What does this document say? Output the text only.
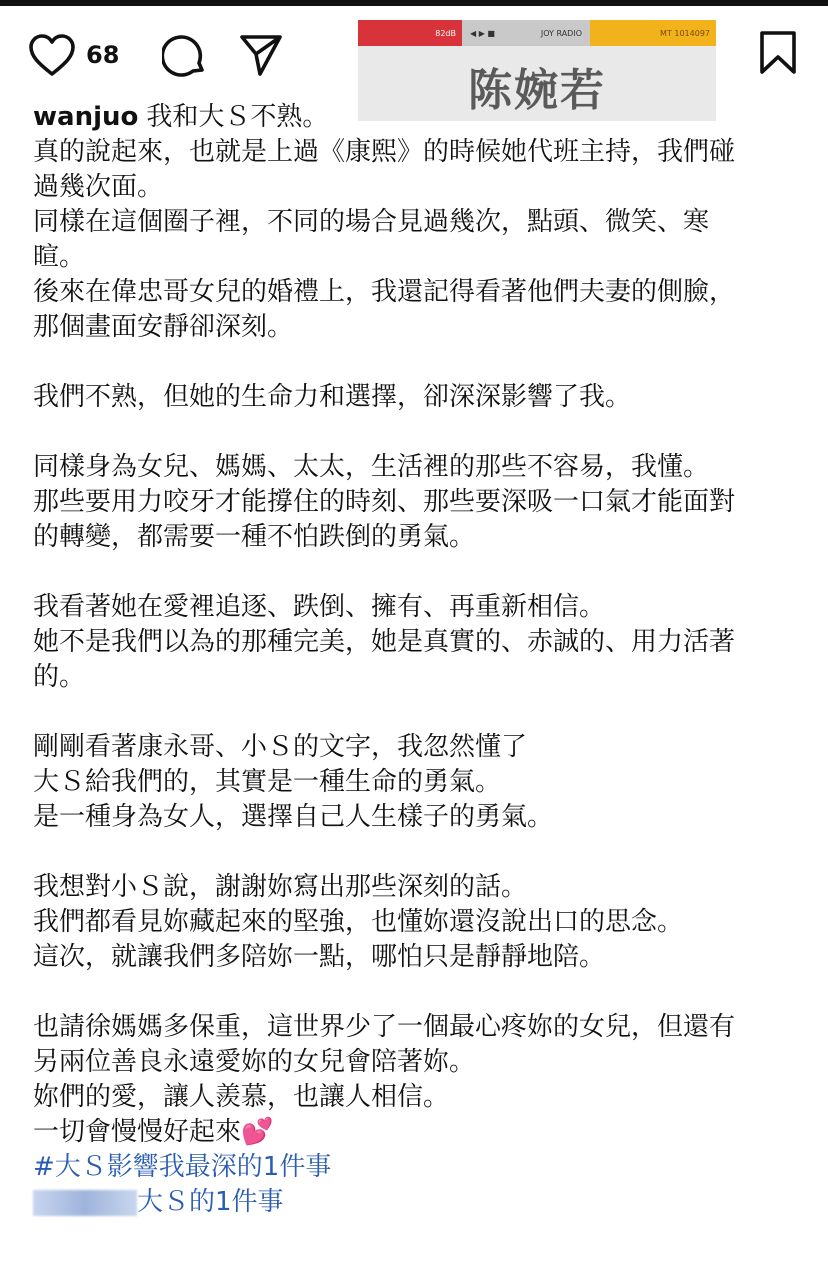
68
82dB	◀ ▶ ■	JOY RADIO	MT 1014097
陈婉若
wanjuo 我和大Ｓ不熟。
真的說起來，也就是上過《康熙》的時候她代班主持，我們碰
過幾次面。
同樣在這個圈子裡，不同的場合見過幾次，點頭、微笑、寒
暄。
後來在偉忠哥女兒的婚禮上，我還記得看著他們夫妻的側臉，
那個畫面安靜卻深刻。
我們不熟，但她的生命力和選擇，卻深深影響了我。
同樣身為女兒、媽媽、太太，生活裡的那些不容易，我懂。
那些要用力咬牙才能撐住的時刻、那些要深吸一口氣才能面對
的轉變，都需要一種不怕跌倒的勇氣。
我看著她在愛裡追逐、跌倒、擁有、再重新相信。
她不是我們以為的那種完美，她是真實的、赤誠的、用力活著
的。
剛剛看著康永哥、小Ｓ的文字，我忽然懂了
大Ｓ給我們的，其實是一種生命的勇氣。
是一種身為女人，選擇自己人生樣子的勇氣。
我想對小Ｓ說，謝謝妳寫出那些深刻的話。
我們都看見妳藏起來的堅強，也懂妳還沒說出口的思念。
這次，就讓我們多陪妳一點，哪怕只是靜靜地陪。
也請徐媽媽多保重，這世界少了一個最心疼妳的女兒，但還有
另兩位善良永遠愛妳的女兒會陪著妳。
妳們的愛，讓人羨慕，也讓人相信。
一切會慢慢好起來💕
#大Ｓ影響我最深的1件事
大Ｓ的1件事
